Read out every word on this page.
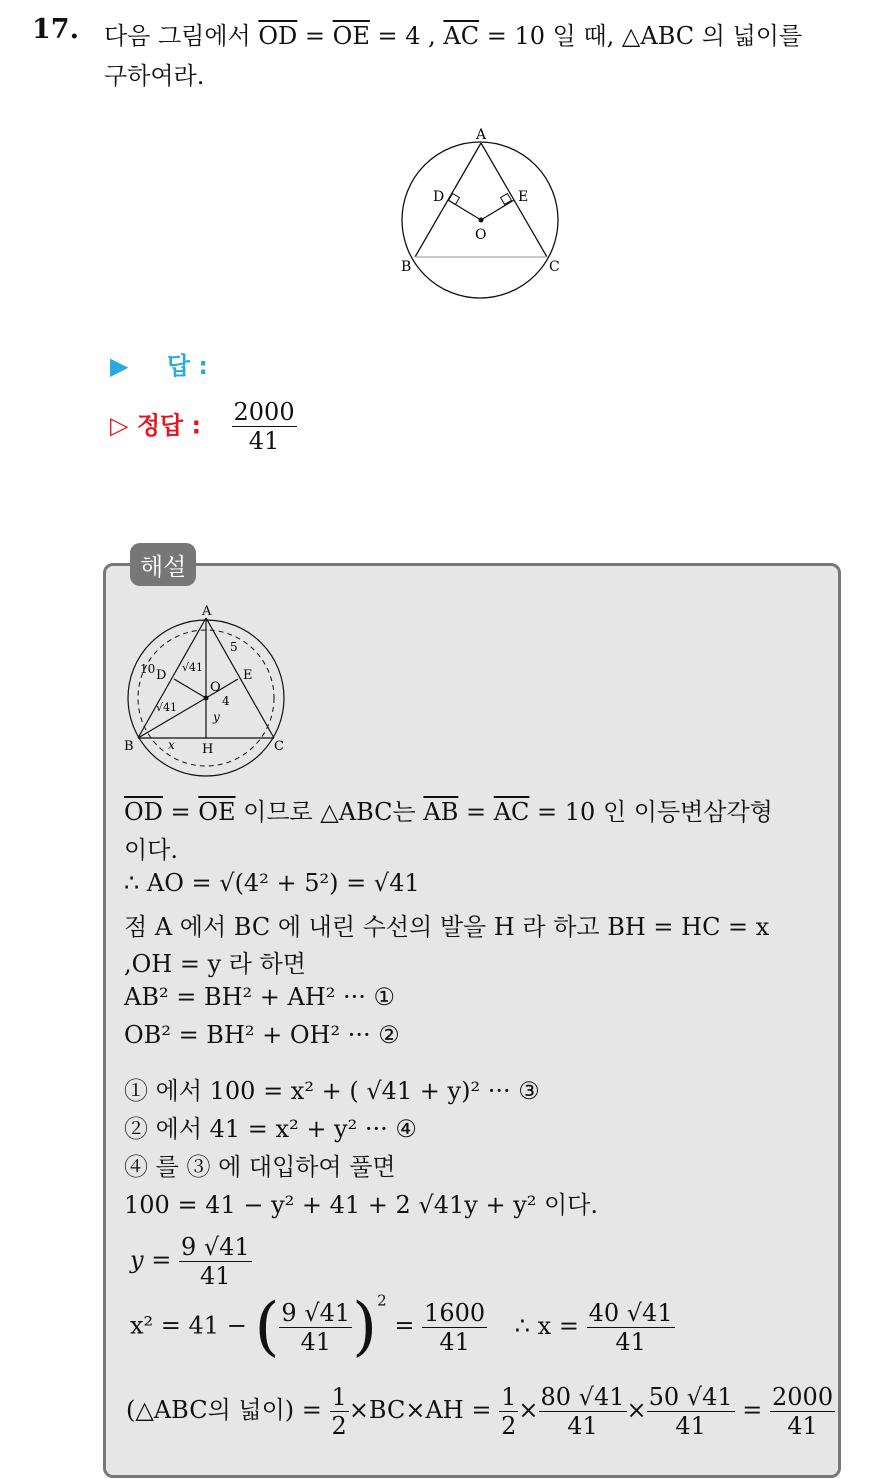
17. 다음 그림에서 $\overline{OD} = \overline{OE} = 4$ , $\overline{AC} = 10$ 일 때, △ABC 의 넓이를
구하여라.
A
D	E
O
B	C
▶ 답 :
▷ 정답 : $\frac{2000}{41}$
해설
A
D	E
O
B	H	C
10
5
4
√41
√41
x
y
$\overline{OD} = \overline{OE}$ 이므로 △ABC는 $\overline{AB} = \overline{AC} = 10$ 인 이등변삼각형
이다.
∴ AO = √(4² + 5²) = √41
점 A 에서 BC 에 내린 수선의 발을 H 라 하고 BH = HC = x
,OH = y 라 하면
AB² = BH² + AH² ··· ①
OB² = BH² + OH² ··· ②
① 에서 100 = x² + ( √41 + y)² ··· ③
② 에서 41 = x² + y² ··· ④
④ 를 ③ 에 대입하여 풀면
100 = 41 − y² + 41 + 2 √41y + y² 이다.
$y = \frac{9 √41}{41}$
x² = 41 − ( $\frac{9 √41}{41} )^2 = \frac{1600}{41}$ ∴ $x = \frac{40 √41}{41}$
(△ABC의 넓이) = $\frac{1}{2} \times BC\times AH = \frac{1}{2} \times \frac{80 √41}{41} \times \frac{50 √41}{41} = \frac{2000}{41}$
